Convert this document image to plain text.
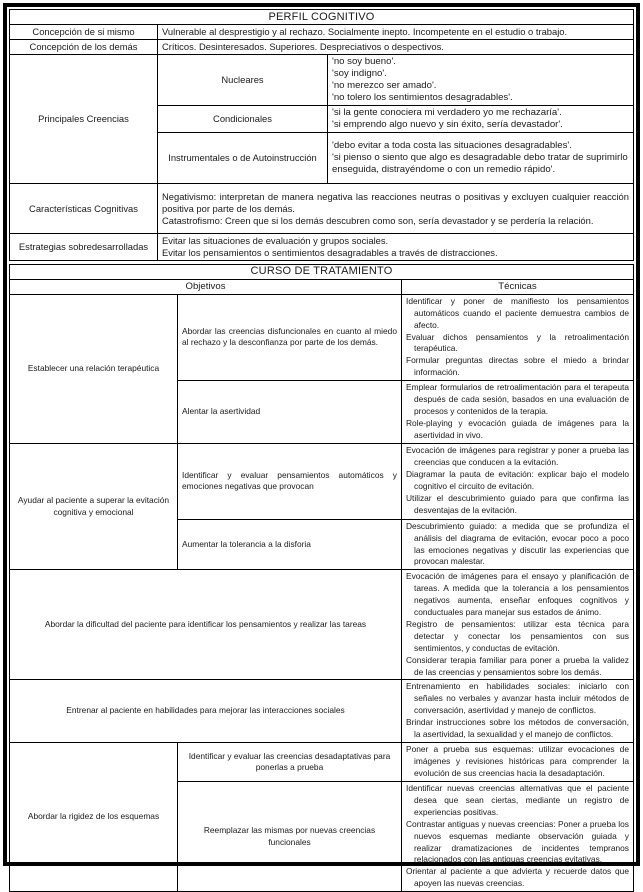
PERFIL COGNITIVO		
Concepción de si mismo	Vulnerable al desprestigio y al rechazo. Socialmente inepto. Incompetente en el estudio o trabajo.	
Concepción de los demás	Críticos. Desinteresados. Superiores. Despreciativos o despectivos.	
Principales Creencias	Nucleares	'no soy bueno'.
'soy indigno'.
'no merezco ser amado'.
'no tolero los sentimientos desagradables'.

	Condicionales	'si la gente conociera mi verdadero yo me rechazaría'.
'si emprendo algo nuevo y sin éxito, sería devastador'.

	Instrumentales o de Autoinstrucción	'debo evitar a toda costa las situaciones desagradables'.
'si pienso o siento que algo es desagradable debo tratar de suprimirlo enseguida, distrayéndome o con un remedio rápido'.

Características Cognitivas	Negativismo: interpretan de manera negativa las reacciones neutras o positivas y excluyen cualquier reacción positiva por parte de los demás.
Catastrofismo: Creen que si los demás descubren como son, sería devastador y se perdería la relación.	

Estrategias sobredesarrolladas	Evitar las situaciones de evaluación y grupos sociales.
Evitar los pensamientos o sentimientos desagradables a través de distracciones.	
CURSO DE TRATAMIENTO		
Objetivos		Técnicas
Establecer una relación terapéutica	Abordar las creencias disfuncionales en cuanto al miedo al rechazo y la desconfianza por parte de los demás.	Identificar y poner de manifiesto los pensamientos automáticos cuando el paciente demuestra cambios de afecto.
Evaluar dichos pensamientos y la retroalimentación terapéutica.
Formular preguntas directas sobre el miedo a brindar información.

	Alentar la asertividad	Emplear formularios de retroalimentación para el terapeuta después de cada sesión, basados en una evaluación de procesos y contenidos de la terapia.
Role-playing y evocación guiada de imágenes para la asertividad in vivo.

Ayudar al paciente a superar la evitación cognitiva y emocional	Identificar y evaluar pensamientos automáticos y emociones negativas que provocan	Evocación de imágenes para registrar y poner a prueba las creencias que conducen a la evitación.
Diagramar la pauta de evitación: explicar bajo el modelo cognitivo el circuito de evitación.
Utilizar el descubrimiento guiado para que confirma las desventajas de la evitación.

	Aumentar la tolerancia a la disforia	Descubrimiento guiado: a medida que se profundiza el análisis del diagrama de evitación, evocar poco a poco las emociones negativas y discutir las experiencias que provocan malestar.

Abordar la dificultad del paciente para identificar los pensamientos y realizar las tareas		Evocación de imágenes para el ensayo y planificación de tareas. A medida que la tolerancia a los pensamientos negativos aumenta, enseñar enfoques cognitivos y conductuales para manejar sus estados de ánimo.
Registro de pensamientos: utilizar esta técnica para detectar y conectar los pensamientos con sus sentimientos, y conductas de evitación.
Considerar terapia familiar para poner a prueba la validez de las creencias y pensamientos sobre los demás.

Entrenar al paciente en habilidades para mejorar las interacciones sociales		Entrenamiento en habilidades sociales: iniciarlo con señales no verbales y avanzar hasta incluir métodos de conversación, asertividad y manejo de conflictos.
Brindar instrucciones sobre los métodos de conversación, la asertividad, la sexualidad y el manejo de conflictos.

Abordar la rigidez de los esquemas	Identificar y evaluar las creencias desadaptativas para ponerlas a prueba	Poner a prueba sus esquemas: utilizar evocaciones de imágenes y revisiones históricas para comprender la evolución de sus creencias hacia la desadaptación.

	Reemplazar las mismas por nuevas creencias funcionales	Identificar nuevas creencias alternativas que el paciente desea que sean ciertas, mediante un registro de experiencias positivas.
Contrastar antiguas y nuevas creencias: Poner a prueba los nuevos esquemas mediante observación guiada y realizar dramatizaciones de incidentes tempranos relacionados con las antiguas creencias evitativas.
Orientar al paciente a que advierta y recuerde datos que apoyen las nuevas creencias.
